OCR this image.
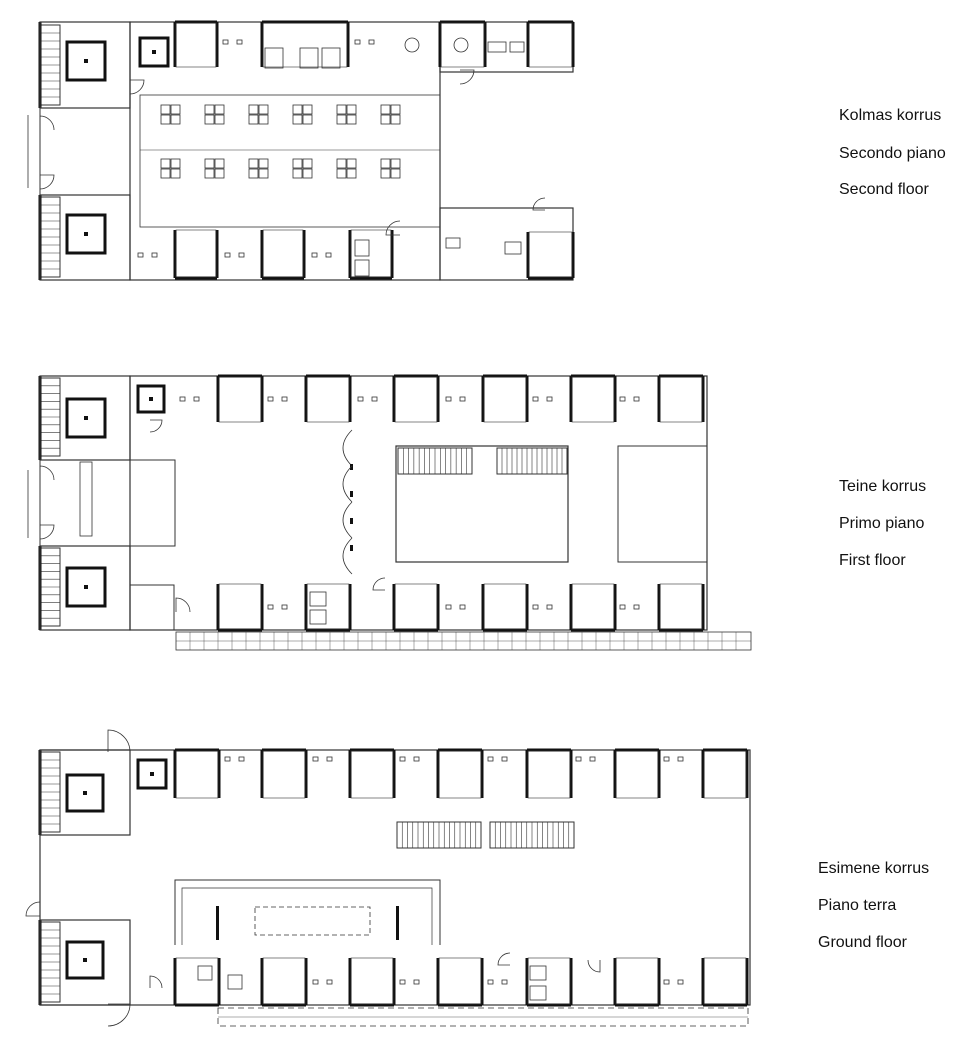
Kolmas korrus
Secondo piano
Second floor
Teine korrus
Primo piano
First floor
Esimene korrus
Piano terra
Ground floor
